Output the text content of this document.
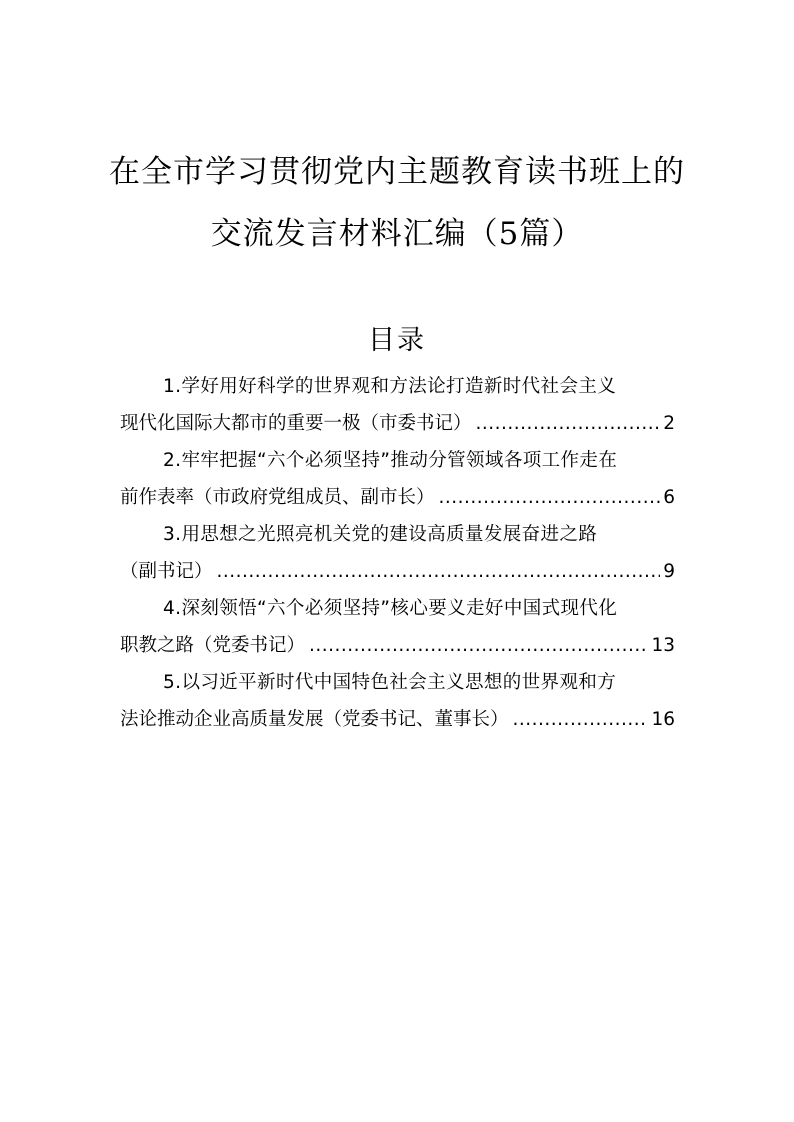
在全市学习贯彻党内主题教育读书班上的
交流发言材料汇编（5篇）
目录
1.学好用好科学的世界观和方法论打造新时代社会主义
现代化国际大都市的重要一极（市委书记） .....	2
2.牢牢把握“六个必须坚持”推动分管领域各项工作走在
前作表率（市政府党组成员、副市长） .....	6
3.用思想之光照亮机关党的建设高质量发展奋进之路
（副书记） .....	9
4.深刻领悟“六个必须坚持”核心要义走好中国式现代化
职教之路（党委书记） .....	13
5.以习近平新时代中国特色社会主义思想的世界观和方
法论推动企业高质量发展（党委书记、董事长） .....	16
